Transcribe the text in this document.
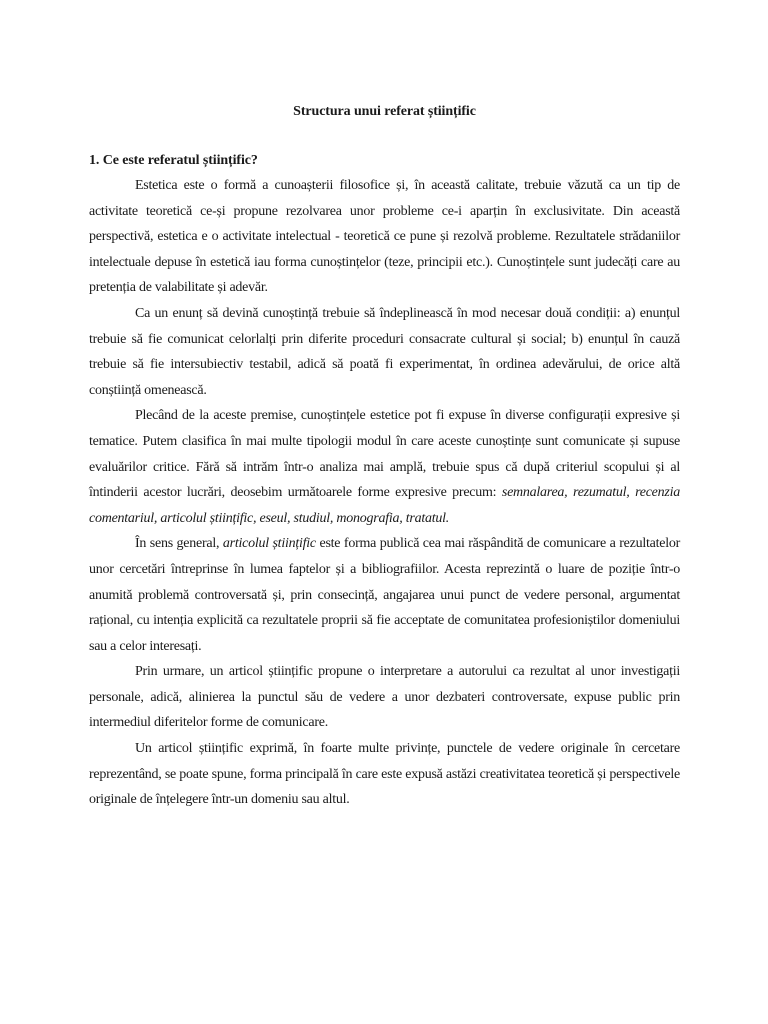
Structura unui referat științific
1. Ce este referatul științific?

Estetica este o formă a cunoașterii filosofice și, în această calitate, trebuie văzută ca un tip de activitate teoretică ce-și propune rezolvarea unor probleme ce-i aparțin în exclusivitate. Din această perspectivă, estetica e o activitate intelectual - teoretică ce pune și rezolvă probleme. Rezultatele strădaniilor intelectuale depuse în estetică iau forma cunoștințelor (teze, principii etc.). Cunoștințele sunt judecăți care au pretenția de valabilitate și adevăr.

Ca un enunț să devină cunoștință trebuie să îndeplinească în mod necesar două condiții: a) enunțul trebuie să fie comunicat celorlalți prin diferite proceduri consacrate cultural și social; b) enunțul în cauză trebuie să fie intersubiectiv testabil, adică să poată fi experimentat, în ordinea adevărului, de orice altă conștiință omenească.

Plecând de la aceste premise, cunoștințele estetice pot fi expuse în diverse configurații expresive și tematice. Putem clasifica în mai multe tipologii modul în care aceste cunoștințe sunt comunicate și supuse evaluărilor critice. Fără să intrăm într-o analiza mai amplă, trebuie spus că după criteriul scopului și al întinderii acestor lucrări, deosebim următoarele forme expresive precum: semnalarea, rezumatul, recenzia comentariul, articolul științific, eseul, studiul, monografia, tratatul.

În sens general, articolul științific este forma publică cea mai răspândită de comunicare a rezultatelor unor cercetări întreprinse în lumea faptelor și a bibliografiilor. Acesta reprezintă o luare de poziție într-o anumită problemă controversată și, prin consecință, angajarea unui punct de vedere personal, argumentat rațional, cu intenția explicită ca rezultatele proprii să fie acceptate de comunitatea profesioniștilor domeniului sau a celor interesați.

Prin urmare, un articol științific propune o interpretare a autorului ca rezultat al unor investigații personale, adică, alinierea la punctul său de vedere a unor dezbateri controversate, expuse public prin intermediul diferitelor forme de comunicare.

Un articol științific exprimă, în foarte multe privințe, punctele de vedere originale în cercetare reprezentând, se poate spune, forma principală în care este expusă astăzi creativitatea teoretică și perspectivele originale de înțelegere într-un domeniu sau altul.
